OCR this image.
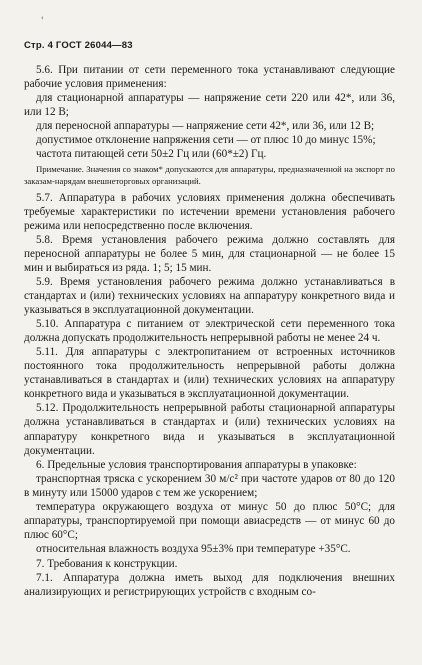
‹
Стр. 4 ГОСТ 26044—83

5.6. При питании от сети переменного тока устанавливают следующие рабочие условия применения:

для стационарной аппаратуры — напряжение сети 220 или 42*, или 36, или 12 В;

для переносной аппаратуры — напряжение сети 42*, или 36, или 12 В;

допустимое отклонение напряжения сети — от плюс 10 до минус 15%;

частота питающей сети 50±2 Гц или (60*±2) Гц.

Примечание. Значения со знаком* допускаются для аппаратуры, предназначенной на экспорт по заказам-нарядам внешнеторговых организаций.

5.7. Аппаратура в рабочих условиях применения должна обеспечивать требуемые характеристики по истечении времени установления рабочего режима или непосредственно после включения.

5.8. Время установления рабочего режима должно составлять для переносной аппаратуры не более 5 мин, для стационарной — не более 15 мин и выбираться из ряда. 1; 5; 15 мин.

5.9. Время установления рабочего режима должно устанавливаться в стандартах и (или) технических условиях на аппаратуру конкретного вида и указываться в эксплуатационной документации.

5.10. Аппаратура с питанием от электрической сети переменного тока должна допускать продолжительность непрерывной работы не менее 24 ч.

5.11. Для аппаратуры с электропитанием от встроенных источников постоянного тока продолжительность непрерывной работы должна устанавливаться в стандартах и (или) технических условиях на аппаратуру конкретного вида и указываться в эксплуатационной документации.

5.12. Продолжительность непрерывной работы стационарной аппаратуры должна устанавливаться в стандартах и (или) технических условиях на аппаратуру конкретного вида и указываться в эксплуатационной документации.

6. Предельные условия транспортирования аппаратуры в упаковке:

транспортная тряска с ускорением 30 м/с² при частоте ударов от 80 до 120 в минуту или 15000 ударов с тем же ускорением;

температура окружающего воздуха от минус 50 до плюс 50°С; для аппаратуры, транспортируемой при помощи авиасредств — от минус 60 до плюс 60°С;

относительная влажность воздуха 95±3% при температуре +35°С.

7. Требования к конструкции.

7.1. Аппаратура должна иметь выход для подключения внешних анализирующих и регистрирующих устройств с входным со-
